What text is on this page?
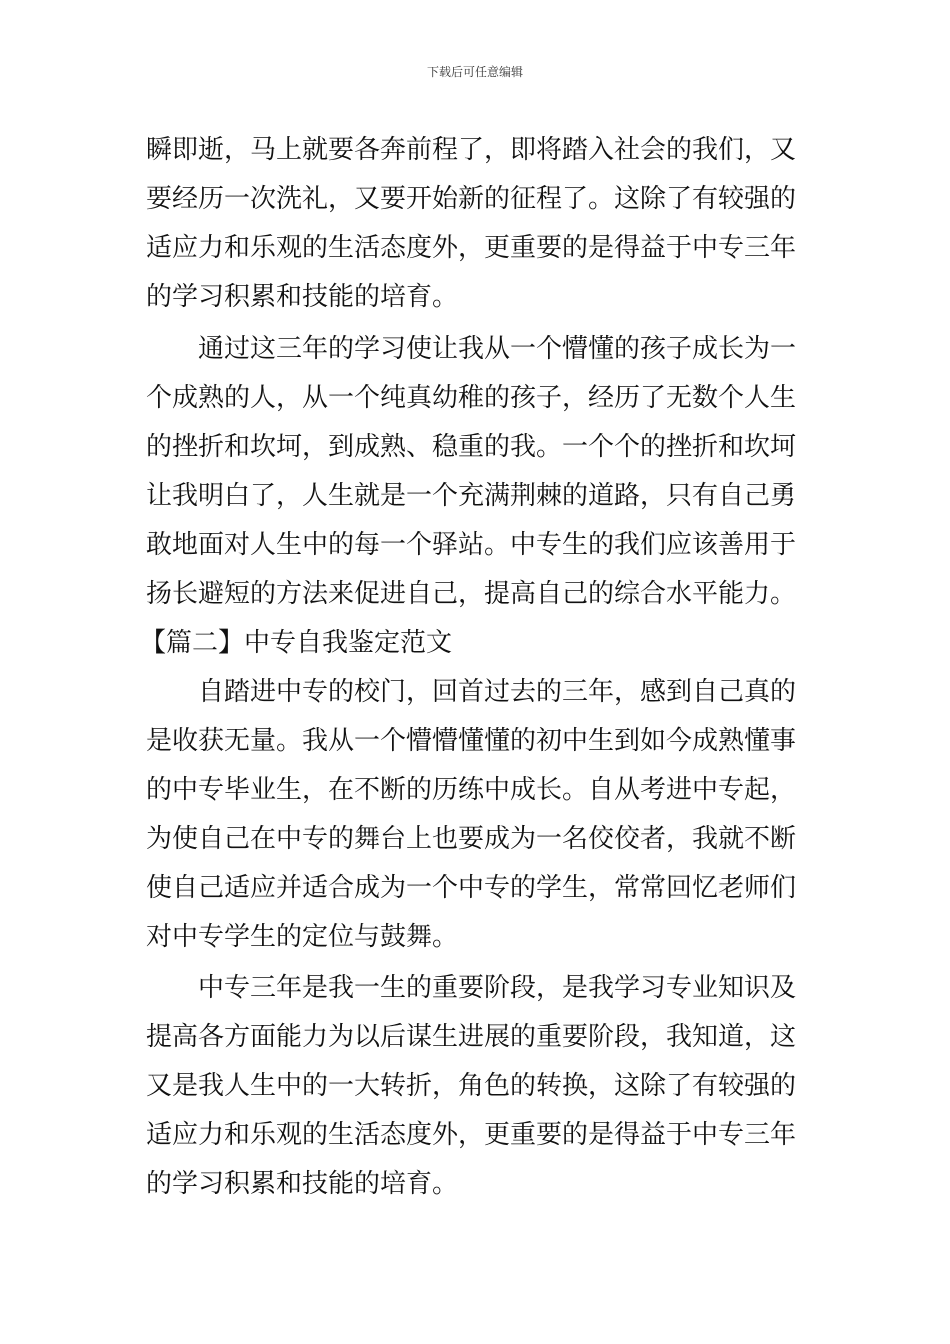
下载后可任意编辑
瞬即逝，马上就要各奔前程了，即将踏入社会的我们，又
要经历一次洗礼，又要开始新的征程了。这除了有较强的
适应力和乐观的生活态度外，更重要的是得益于中专三年
的学习积累和技能的培育。
通过这三年的学习使让我从一个懵懂的孩子成长为一
个成熟的人，从一个纯真幼稚的孩子，经历了无数个人生
的挫折和坎坷，到成熟、稳重的我。一个个的挫折和坎坷
让我明白了，人生就是一个充满荆棘的道路，只有自己勇
敢地面对人生中的每一个驿站。中专生的我们应该善用于
扬长避短的方法来促进自己，提高自己的综合水平能力。
【篇二】中专自我鉴定范文
自踏进中专的校门，回首过去的三年，感到自己真的
是收获无量。我从一个懵懵懂懂的初中生到如今成熟懂事
的中专毕业生，在不断的历练中成长。自从考进中专起，
为使自己在中专的舞台上也要成为一名佼佼者，我就不断
使自己适应并适合成为一个中专的学生，常常回忆老师们
对中专学生的定位与鼓舞。
中专三年是我一生的重要阶段，是我学习专业知识及
提高各方面能力为以后谋生进展的重要阶段，我知道，这
又是我人生中的一大转折，角色的转换，这除了有较强的
适应力和乐观的生活态度外，更重要的是得益于中专三年
的学习积累和技能的培育。
